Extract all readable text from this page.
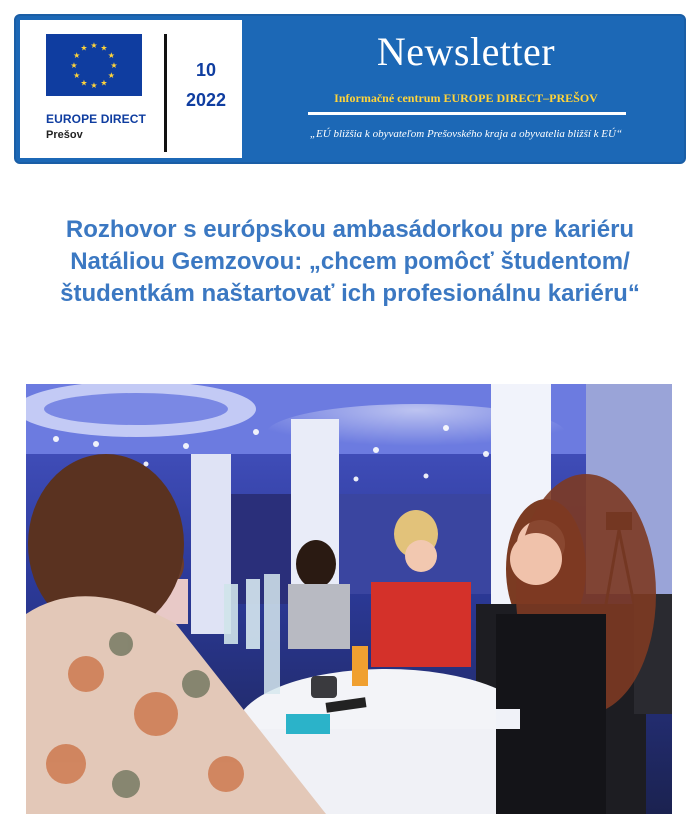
★ ★
★
★
★
★
★
★
★
★
★
★
EUROPE DIRECT
Prešov
10
2022
Newsletter
Informačné centrum EUROPE DIRECT–PREŠOV
„EÚ bližšia k obyvateľom Prešovského kraja a obyvatelia bližší k EÚ“
Rozhovor s európskou ambasádorkou pre kariéru Natáliou Gemzovou: „chcem pomôcť študentom/študentkám naštartovať ich profesionálnu kariéru“
